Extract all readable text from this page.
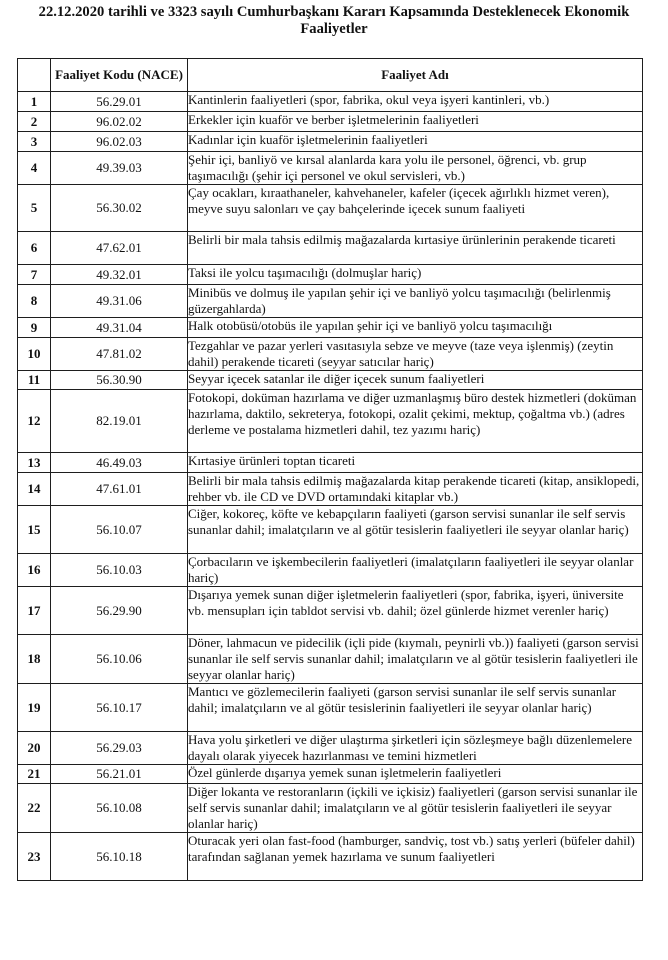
22.12.2020 tarihli ve 3323 sayılı Cumhurbaşkanı Kararı Kapsamında Desteklenecek Ekonomik Faaliyetler
	Faaliyet Kodu (NACE)	Faaliyet Adı
1	56.29.01	Kantinlerin faaliyetleri (spor, fabrika, okul veya işyeri kantinleri, vb.)
2	96.02.02	Erkekler için kuaför ve berber işletmelerinin faaliyetleri
3	96.02.03	Kadınlar için kuaför işletmelerinin faaliyetleri
4	49.39.03	Şehir içi, banliyö ve kırsal alanlarda kara yolu ile personel, öğrenci, vb. grup taşımacılığı (şehir içi personel ve okul servisleri, vb.)
5	56.30.02	Çay ocakları, kıraathaneler, kahvehaneler, kafeler (içecek ağırlıklı hizmet veren), meyve suyu salonları ve çay bahçelerinde içecek sunum faaliyeti
6	47.62.01	Belirli bir mala tahsis edilmiş mağazalarda kırtasiye ürünlerinin perakende ticareti
7	49.32.01	Taksi ile yolcu taşımacılığı (dolmuşlar hariç)
8	49.31.06	Minibüs ve dolmuş ile yapılan şehir içi ve banliyö yolcu taşımacılığı (belirlenmiş güzergahlarda)
9	49.31.04	Halk otobüsü/otobüs ile yapılan şehir içi ve banliyö yolcu taşımacılığı
10	47.81.02	Tezgahlar ve pazar yerleri vasıtasıyla sebze ve meyve (taze veya işlenmiş) (zeytin dahil) perakende ticareti (seyyar satıcılar hariç)
11	56.30.90	Seyyar içecek satanlar ile diğer içecek sunum faaliyetleri
12	82.19.01	Fotokopi, doküman hazırlama ve diğer uzmanlaşmış büro destek hizmetleri (doküman hazırlama, daktilo, sekreterya, fotokopi, ozalit çekimi, mektup, çoğaltma vb.) (adres derleme ve postalama hizmetleri dahil, tez yazımı hariç)
13	46.49.03	Kırtasiye ürünleri toptan ticareti
14	47.61.01	Belirli bir mala tahsis edilmiş mağazalarda kitap perakende ticareti (kitap, ansiklopedi, rehber vb. ile CD ve DVD ortamındaki kitaplar vb.)
15	56.10.07	Ciğer, kokoreç, köfte ve kebapçıların faaliyeti (garson servisi sunanlar ile self servis sunanlar dahil; imalatçıların ve al götür tesislerin faaliyetleri ile seyyar olanlar hariç)
16	56.10.03	Çorbacıların ve işkembecilerin faaliyetleri (imalatçıların faaliyetleri ile seyyar olanlar hariç)
17	56.29.90	Dışarıya yemek sunan diğer işletmelerin faaliyetleri (spor, fabrika, işyeri, üniversite vb. mensupları için tabldot servisi vb. dahil; özel günlerde hizmet verenler hariç)
18	56.10.06	Döner, lahmacun ve pidecilik (içli pide (kıymalı, peynirli vb.)) faaliyeti (garson servisi sunanlar ile self servis sunanlar dahil; imalatçıların ve al götür tesislerin faaliyetleri ile seyyar olanlar hariç)
19	56.10.17	Mantıcı ve gözlemecilerin faaliyeti (garson servisi sunanlar ile self servis sunanlar dahil; imalatçıların ve al götür tesislerinin faaliyetleri ile seyyar olanlar hariç)
20	56.29.03	Hava yolu şirketleri ve diğer ulaştırma şirketleri için sözleşmeye bağlı düzenlemelere dayalı olarak yiyecek hazırlanması ve temini hizmetleri
21	56.21.01	Özel günlerde dışarıya yemek sunan işletmelerin faaliyetleri
22	56.10.08	Diğer lokanta ve restoranların (içkili ve içkisiz) faaliyetleri (garson servisi sunanlar ile self servis sunanlar dahil; imalatçıların ve al götür tesislerin faaliyetleri ile seyyar olanlar hariç)
23	56.10.18	Oturacak yeri olan fast-food (hamburger, sandviç, tost vb.) satış yerleri (büfeler dahil) tarafından sağlanan yemek hazırlama ve sunum faaliyetleri
